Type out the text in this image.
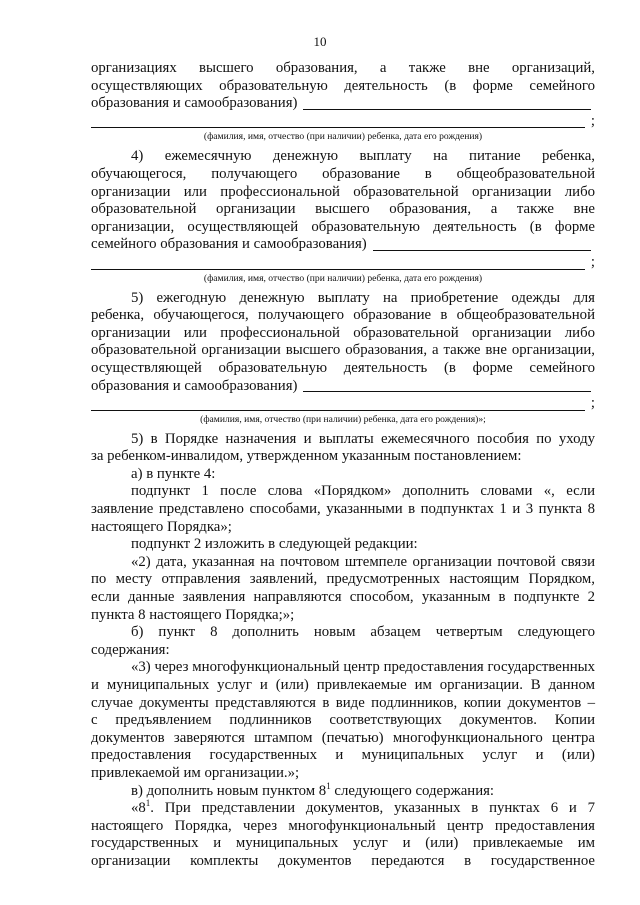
10

организациях высшего образования, а также вне организаций,

осуществляющих образовательную деятельность (в форме семейного

образования и самообразования)
;
(фамилия, имя, отчество (при наличии) ребенка, дата его рождения)

4) ежемесячную денежную выплату на питание ребенка,

обучающегося, получающего образование в общеобразовательной

организации или профессиональной образовательной организации либо

образовательной организации высшего образования, а также вне

организации, осуществляющей образовательную деятельность (в форме

семейного образования и самообразования)
;
(фамилия, имя, отчество (при наличии) ребенка, дата его рождения)

5) ежегодную денежную выплату на приобретение одежды для

ребенка, обучающегося, получающего образование в общеобразовательной

организации или профессиональной образовательной организации либо

образовательной организации высшего образования, а также вне организации,

осуществляющей образовательную деятельность (в форме семейного

образования и самообразования)
;
(фамилия, имя, отчество (при наличии) ребенка, дата его рождения)»;

5) в Порядке назначения и выплаты ежемесячного пособия по уходу

за ребенком-инвалидом, утвержденном указанным постановлением:

а) в пункте 4:

подпункт 1 после слова «Порядком» дополнить словами «, если

заявление представлено способами, указанными в подпунктах 1 и 3 пункта 8

настоящего Порядка»;

подпункт 2 изложить в следующей редакции:

«2) дата, указанная на почтовом штемпеле организации почтовой связи

по месту отправления заявлений, предусмотренных настоящим Порядком,

если данные заявления направляются способом, указанным в подпункте 2

пункта 8 настоящего Порядка;»;

б) пункт 8 дополнить новым абзацем четвертым следующего содержания:

«3) через многофункциональный центр предоставления государственных

и муниципальных услуг и (или) привлекаемые им организации. В данном

случае документы представляются в виде подлинников, копии документов –

с предъявлением подлинников соответствующих документов. Копии

документов заверяются штампом (печатью) многофункционального центра

предоставления государственных и муниципальных услуг и (или)

привлекаемой им организации.»;

в) дополнить новым пунктом $8^1$ следующего содержания:

«$8^1$. При представлении документов, указанных в пунктах 6 и 7

настоящего Порядка, через многофункциональный центр предоставления

государственных и муниципальных услуг и (или) привлекаемые им

организации комплекты документов передаются в государственное
